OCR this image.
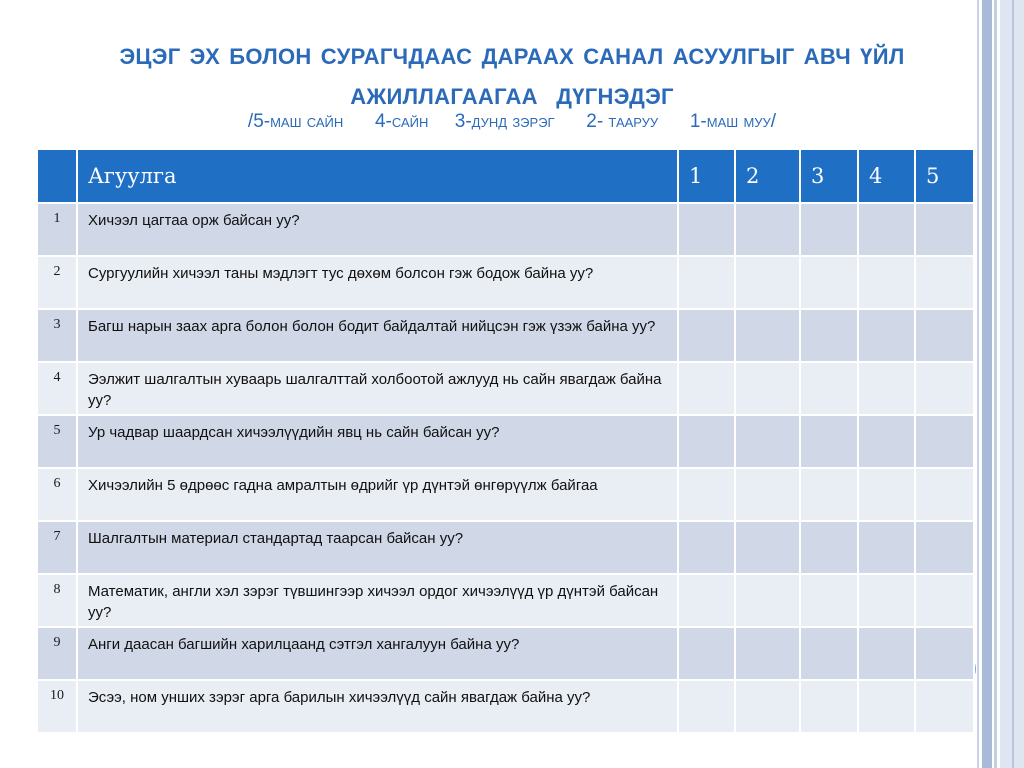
эцэг эх болон сурагчдаас дараах санал асуулгыг авч үйл
ажиллагаагаа  дүгнэдэг
/5-маш сайн      4-сайн     3-дунд зэрэг      2- тааруу      1-маш муу/
	Агуулга	1	2	3	4	5
1	Хичээл цагтаа орж байсан уу?					
2	Сургуулийн хичээл таны мэдлэгт тус дөхөм болсон гэж бодож байна уу?					
3	Багш нарын заах арга болон болон бодит байдалтай нийцсэн гэж үзэж байна уу?					
4	Ээлжит шалгалтын хуваарь шалгалттай холбоотой ажлууд нь сайн явагдаж байна уу?					
5	Ур чадвар шаардсан хичээлүүдийн явц нь сайн байсан уу?					
6	Хичээлийн 5 өдрөөс гадна амралтын өдрийг үр дүнтэй өнгөрүүлж байгаа					
7	Шалгалтын материал стандартад таарсан байсан уу?					
8	Математик, англи хэл зэрэг түвшингээр хичээл ордог хичээлүүд үр дүнтэй байсан уу?					
9	Анги даасан багшийн харилцаанд сэтгэл хангалуун байна уу?					
10	Эсээ, ном унших зэрэг арга барилын хичээлүүд сайн явагдаж байна уу?					
